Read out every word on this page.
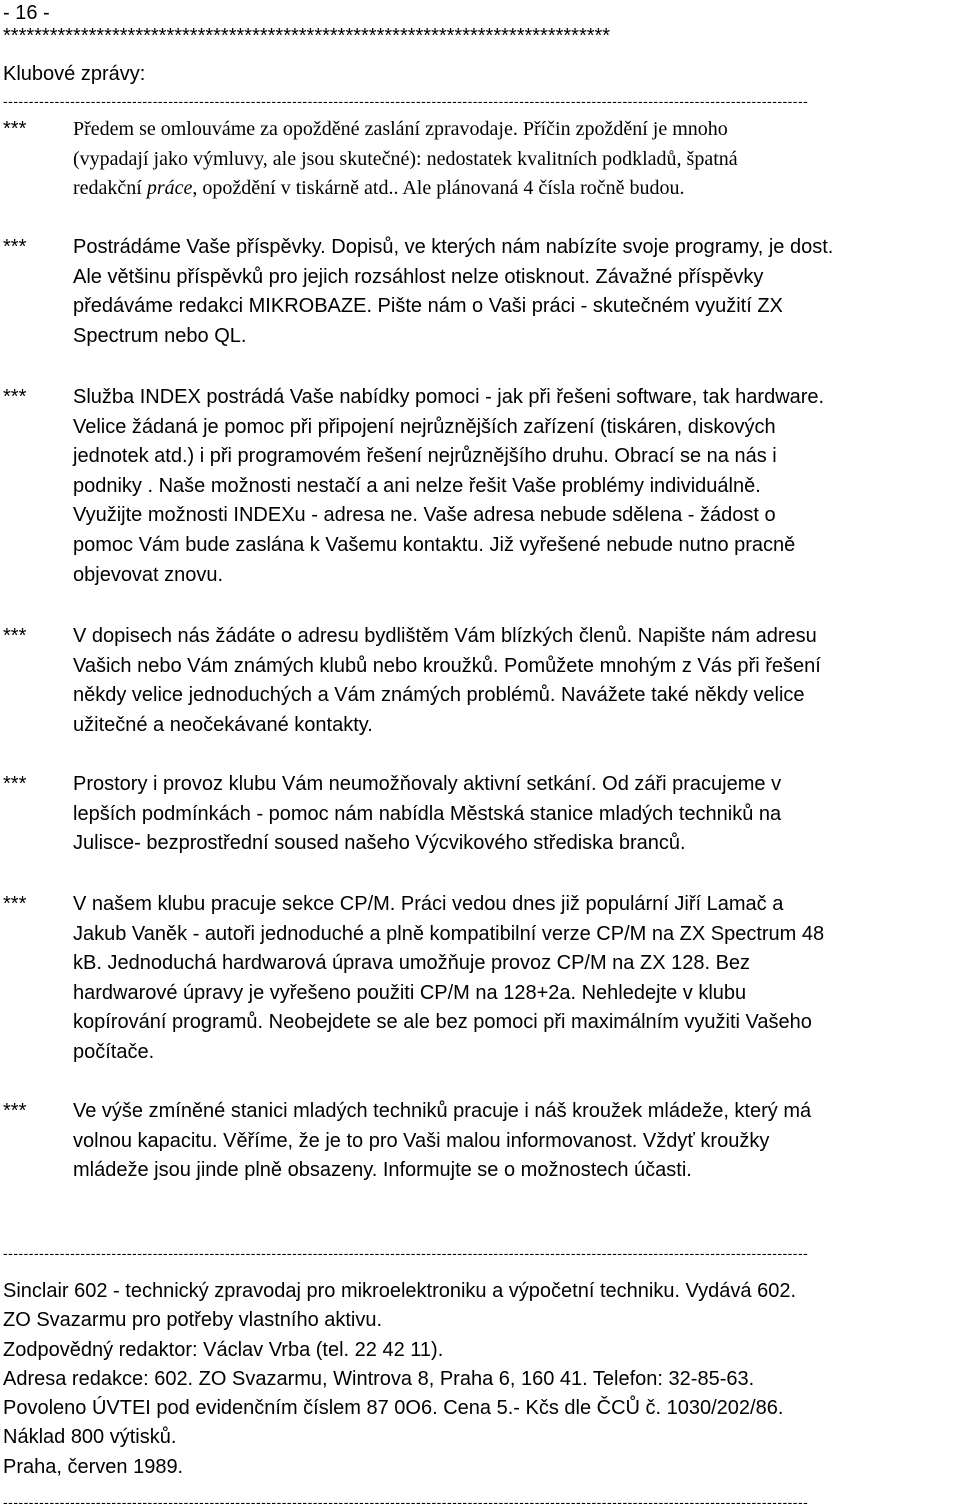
- 16 -
******************************************************************************
Klubové zprávy:
------------------------------------------------------------------------------------------------------------------------------------------------------------
*** Předem se omlouváme za opožděné zaslání zpravodaje. Příčin zpoždění je mnoho
(vypadají jako výmluvy, ale jsou skutečné): nedostatek kvalitních podkladů, špatná
redakční práce, opoždění v tiskárně atd.. Ale plánovaná 4 čísla ročně budou.
*** Postrádáme Vaše příspěvky. Dopisů, ve kterých nám nabízíte svoje programy, je dost.
Ale většinu příspěvků pro jejich rozsáhlost nelze otisknout. Závažné příspěvky
předáváme redakci MIKROBAZE. Pište nám o Vaši práci - skutečném využití ZX
Spectrum nebo QL.
*** Služba INDEX postrádá Vaše nabídky pomoci - jak při řešeni software, tak hardware.
Velice žádaná je pomoc při připojení nejrůznějších zařízení (tiskáren, diskových
jednotek atd.) i při programovém řešení nejrůznějšího druhu. Obrací se na nás i
podniky . Naše možnosti nestačí a ani nelze řešit Vaše problémy individuálně.
Využijte možnosti INDEXu - adresa ne. Vaše adresa nebude sdělena - žádost o
pomoc Vám bude zaslána k Vašemu kontaktu. Již vyřešené nebude nutno pracně
objevovat znovu.
*** V dopisech nás žádáte o adresu bydlištěm Vám blízkých členů. Napište nám adresu
Vašich nebo Vám známých klubů nebo kroužků. Pomůžete mnohým z Vás při řešení
někdy velice jednoduchých a Vám známých problémů. Navážete také někdy velice
užitečné a neočekávané kontakty.
*** Prostory i provoz klubu Vám neumožňovaly aktivní setkání. Od záři pracujeme v
lepších podmínkách - pomoc nám nabídla Městská stanice mladých techniků na
Julisce- bezprostřední soused našeho Výcvikového střediska branců.
*** V našem klubu pracuje sekce CP/M. Práci vedou dnes již populární Jiří Lamač a
Jakub Vaněk - autoři jednoduché a plně kompatibilní verze CP/M na ZX Spectrum 48
kB. Jednoduchá hardwarová úprava umožňuje provoz CP/M na ZX 128. Bez
hardwarové úpravy je vyřešeno použiti CP/M na 128+2a. Nehledejte v klubu
kopírování programů. Neobejdete se ale bez pomoci při maximálním využiti Vašeho
počítače.
*** Ve výše zmíněné stanici mladých techniků pracuje i náš kroužek mládeže, který má
volnou kapacitu. Věříme, že je to pro Vaši malou informovanost. Vždyť kroužky
mládeže jsou jinde plně obsazeny. Informujte se o možnostech účasti.
------------------------------------------------------------------------------------------------------------------------------------------------------------
Sinclair 602 - technický zpravodaj pro mikroelektroniku a výpočetní techniku. Vydává 602.
ZO Svazarmu pro potřeby vlastního aktivu.
Zodpovědný redaktor: Václav Vrba (tel. 22 42 11).
Adresa redakce: 602. ZO Svazarmu, Wintrova 8, Praha 6, 160 41. Telefon: 32-85-63.
Povoleno ÚVTEI pod evidenčním číslem 87 0O6. Cena 5.- Kčs dle ČCŮ č. 1030/202/86.
Náklad 800 výtisků.
Praha, červen 1989.
------------------------------------------------------------------------------------------------------------------------------------------------------------
